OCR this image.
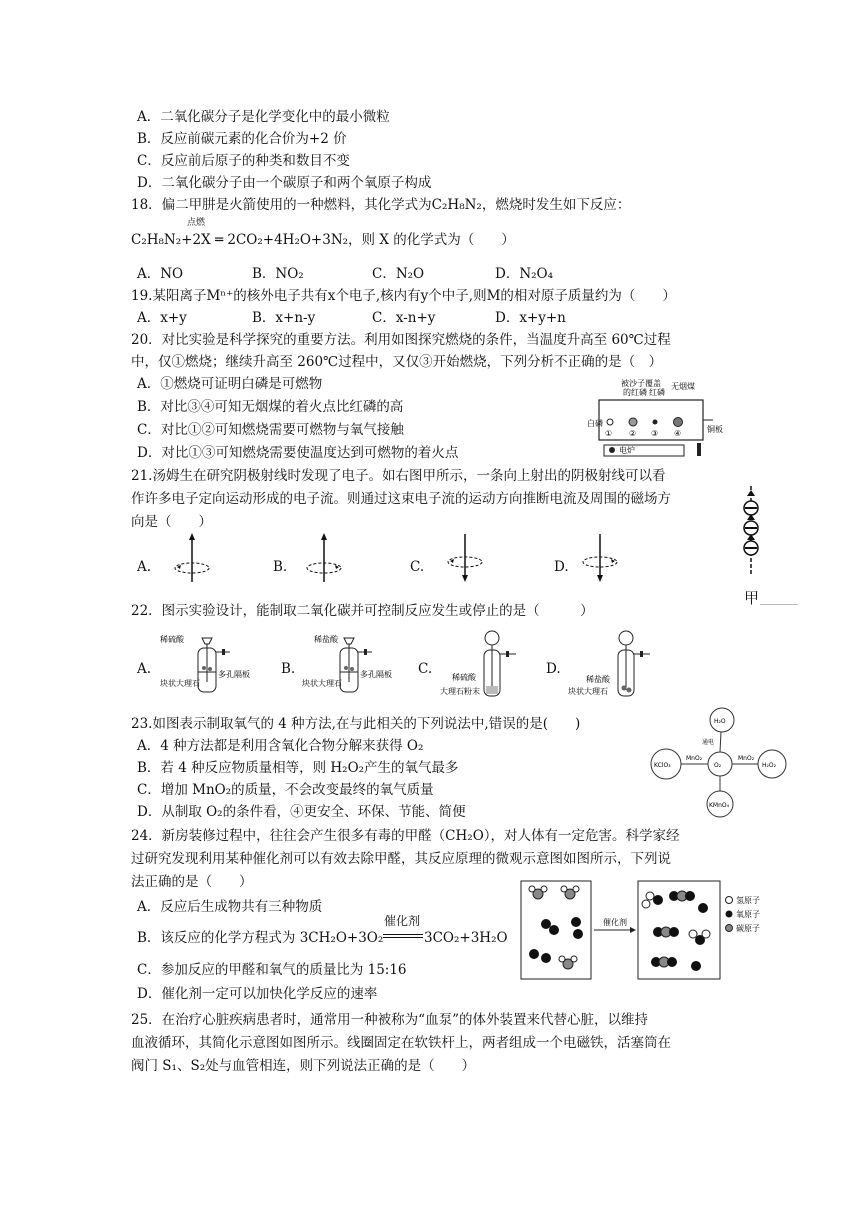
A．二氧化碳分子是化学变化中的最小微粒
B．反应前碳元素的化合价为+2 价
C．反应前后原子的种类和数目不变
D．二氧化碳分子由一个碳原子和两个氧原子构成
18．偏二甲肼是火箭使用的一种燃料，其化学式为C₂H₈N₂，燃烧时发生如下反应：
点燃
C₂H₈N₂+2X ═ 2CO₂+4H₂O+3N₂，则 X 的化学式为（　　）
A．NO	B．NO₂	C．N₂O	D．N₂O₄
19.某阳离子Mⁿ⁺的核外电子共有x个电子,核内有y个中子,则M的相对原子质量约为（　　）
A．x+y	B．x+n-y	C．x-n+y	D．x+y+n
20．对比实验是科学探究的重要方法。利用如图探究燃烧的条件，当温度升高至 60℃过程
中，仅①燃烧；继续升高至 260℃过程中，又仅③开始燃烧，下列分析不正确的是（　）
A．①燃烧可证明白磷是可燃物
B．对比③④可知无烟煤的着火点比红磷的高
C．对比①②可知燃烧需要可燃物与氧气接触
D．对比①③可知燃烧需要使温度达到可燃物的着火点
白磷
被沙子覆盖
的红磷 红磷
无烟煤
铜板
电炉
① ② ③ ④
21.汤姆生在研究阴极射线时发现了电子。如右图甲所示，一条向上射出的阴极射线可以看
作许多电子定向运动形成的电子流。则通过这束电子流的运动方向推断电流及周围的磁场方
向是（　　）
甲
A.	B.	C.	D.
22．图示实验设计，能制取二氧化碳并可控制反应发生或停止的是（　　　）
A.	B.	C.	D.
稀硫酸
块状大理石
多孔隔板
稀盐酸
块状大理石
多孔隔板	稀硫酸
大理石粉末
稀盐酸
块状大理石
23.如图表示制取氧气的 4 种方法,在与此相关的下列说法中,错误的是(　　)
A．4 种方法都是利用含氧化合物分解来获得 O₂
B．若 4 种反应物质量相等，则 H₂O₂产生的氧气最多
C．增加 MnO₂的质量，不会改变最终的氧气质量
D．从制取 O₂的条件看，④更安全、环保、节能、简便
H₂O
O₂
KClO₃	H₂O₂
KMnO₄
通电
MnO₂	MnO₂
24．新房装修过程中，往往会产生很多有毒的甲醛（CH₂O），对人体有一定危害。科学家经
过研究发现利用某种催化剂可以有效去除甲醛，其反应原理的微观示意图如图所示，下列说
法正确的是（　　）
A．反应后生成物共有三种物质
B．该反应的化学方程式为 3CH₂O+3O₂
催化剂
3CO₂+3H₂O
C．参加反应的甲醛和氧气的质量比为 15:16
D．催化剂一定可以加快化学反应的速率
催化剂
氢原子
氧原子
碳原子
25．在治疗心脏疾病患者时，通常用一种被称为“血泵”的体外装置来代替心脏，以维持
血液循环，其简化示意图如图所示。线圈固定在软铁杆上，两者组成一个电磁铁，活塞筒在
阀门 S₁、S₂处与血管相连，则下列说法正确的是（　　）
